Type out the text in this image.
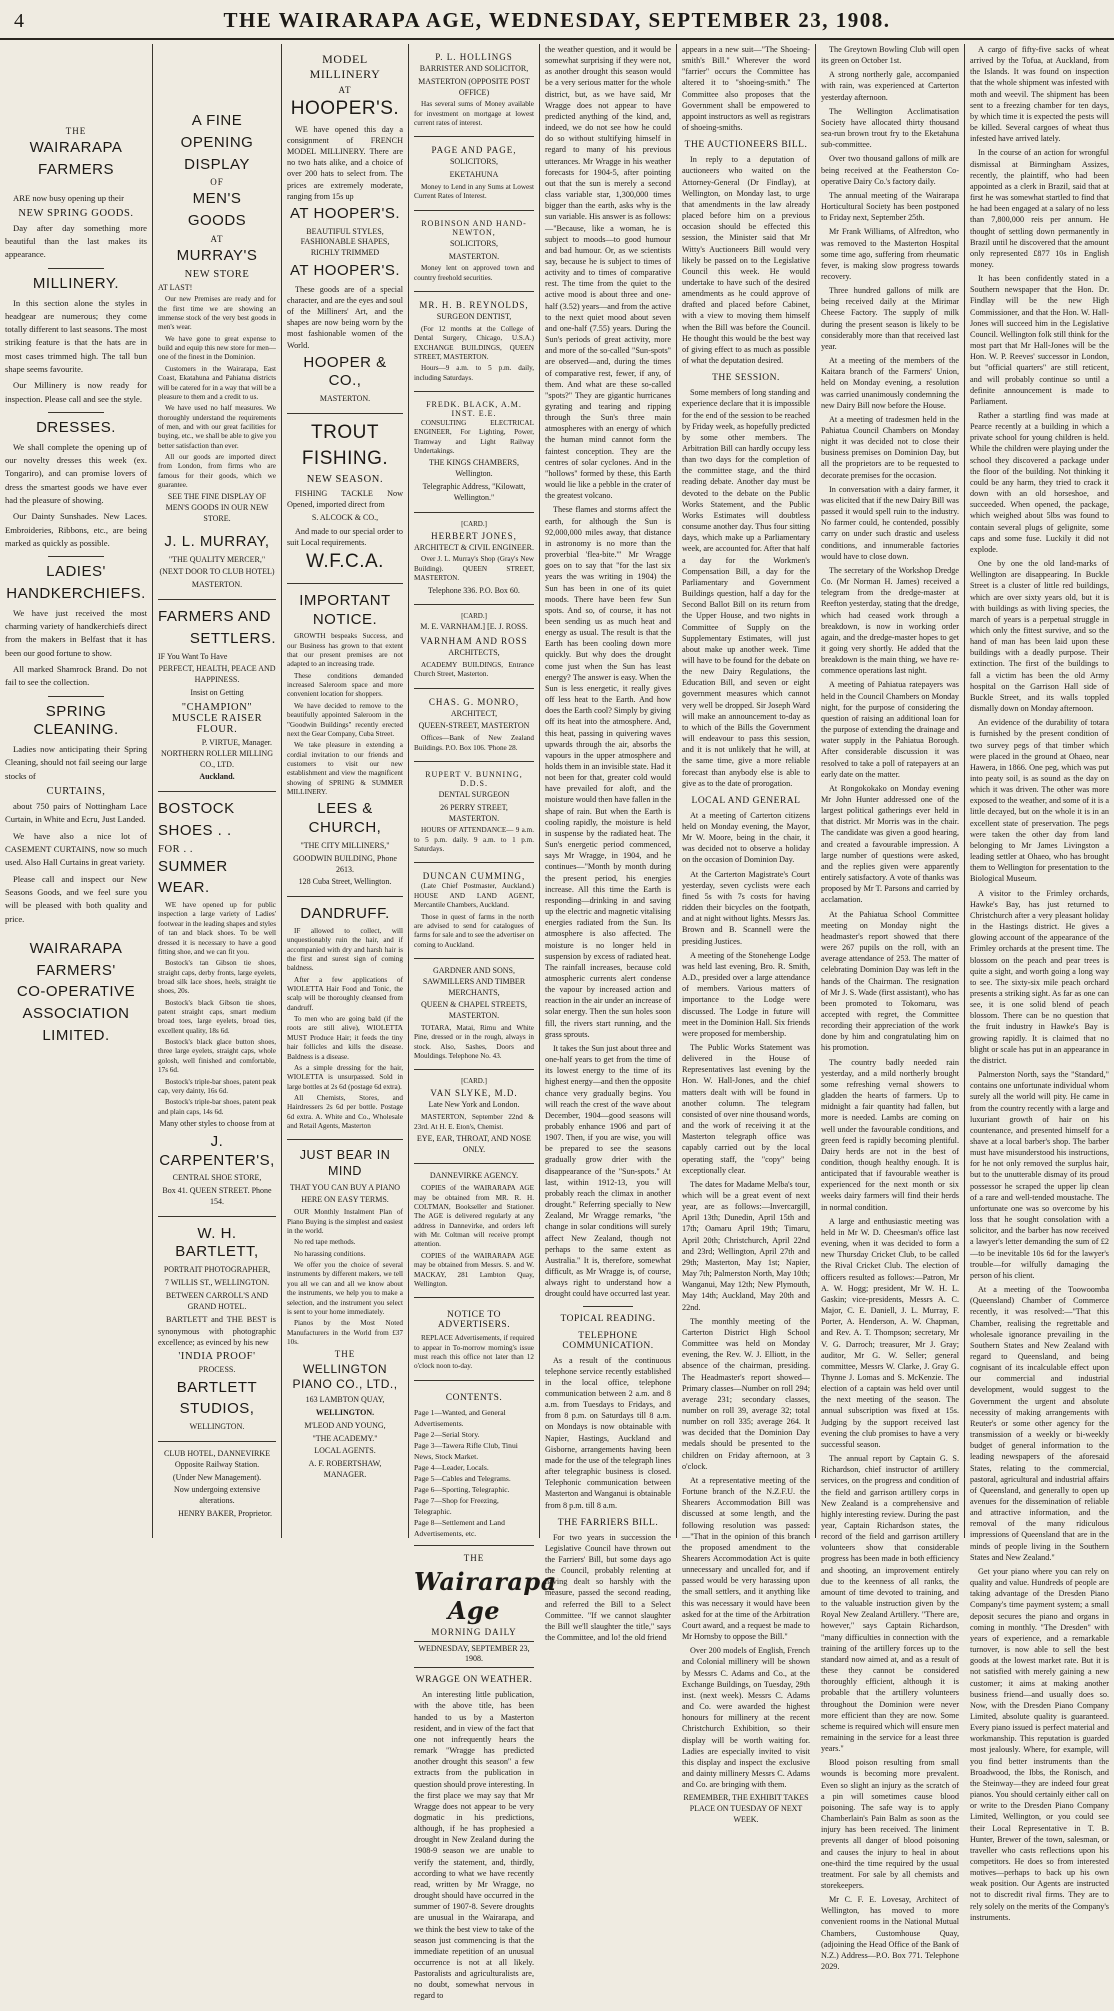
4	THE WAIRARAPA AGE, WEDNESDAY, SEPTEMBER 23, 1908.
THE
WAIRARAPA
FARMERS

ARE now busy opening up their

NEW SPRING GOODS.

Day after day something more beautiful than the last makes its appearance.

MILLINERY.

In this section alone the styles in headgear are numerous; they come totally different to last seasons. The most striking feature is that the hats are in most cases trimmed high. The tall bun shape seems favourite.

Our Millinery is now ready for inspection. Please call and see the style.

DRESSES.

We shall complete the opening up of our novelty dresses this week (ex. Tongariro), and can promise lovers of dress the smartest goods we have ever had the pleasure of showing.

Our Dainty Sunshades. New Laces. Embroideries, Ribbons, etc., are being marked as quickly as possible.

LADIES'
HANDKERCHIEFS.

We have just received the most charming variety of handkerchiefs direct from the makers in Belfast that it has been our good fortune to show.

All marked Shamrock Brand. Do not fail to see the collection.

SPRING CLEANING.

Ladies now anticipating their Spring Cleaning, should not fail seeing our large stocks of

CURTAINS,

about 750 pairs of Nottingham Lace Curtain, in White and Ecru, Just Landed.

We have also a nice lot of CASEMENT CURTAINS, now so much used. Also Hall Curtains in great variety.

Please call and inspect our New Seasons Goods, and we feel sure you will be pleased with both quality and price.

WAIRARAPA
FARMERS'
CO-OPERATIVE
ASSOCIATION
LIMITED.
A FINE
OPENING
DISPLAY
OF
MEN'S
GOODS
AT
MURRAY'S
NEW STORE
AT LAST!

Our new Premises are ready and for the first time we are showing an immense stock of the very best goods in men's wear.

We have gone to great expense to build and equip this new store for men—one of the finest in the Dominion.

Customers in the Wairarapa, East Coast, Ekatahuna and Pahiatua districts will be catered for in a way that will be a pleasure to them and a credit to us.

We have used no half measures. We thoroughly understand the requirements of men, and with our great facilities for buying, etc., we shall be able to give you better satisfaction than ever.

All our goods are imported direct from London, from firms who are famous for their goods, which we guarantee.

SEE THE FINE DISPLAY OF MEN'S GOODS IN OUR NEW STORE.
J. L. MURRAY,
"THE QUALITY MERCER,"
(NEXT DOOR TO CLUB HOTEL)
MASTERTON.
FARMERS AND
SETTLERS.
IF You Want To Have
PERFECT, HEALTH, PEACE AND HAPPINESS.
Insist on Getting
"CHAMPION" MUSCLE RAISER FLOUR.
P. VIRTUE, Manager.
NORTHERN ROLLER MILLING CO., LTD.
Auckland.
BOSTOCK
SHOES . .
FOR . .
SUMMER
WEAR.

WE have opened up for public inspection a large variety of Ladies' footwear in the leading shapes and styles of tan and black shoes. To be well dressed it is necessary to have a good fitting shoe, and we can fit you.

Bostock's tan Gibson tie shoes, straight caps, derby fronts, large eyelets, broad silk lace shoes, heels, straight tie shoes, 20s.

Bostock's black Gibson tie shoes, patent straight caps, smart medium broad toes, large eyelets, broad ties, excellent quality, 18s 6d.

Bostock's black glace button shoes, three large eyelets, straight caps, whole golosh, well finished and comfortable, 17s 6d.

Bostock's triple-bar shoes, patent peak cap, very dainty, 16s 6d.

Bostock's triple-bar shoes, patent peak and plain caps, 14s 6d.

Many other styles to choose from at
J. CARPENTER'S,
CENTRAL SHOE STORE,
Box 41. QUEEN STREET. Phone 154.
W. H. BARTLETT,
PORTRAIT PHOTOGRAPHER,
7 WILLIS ST., WELLINGTON.
BETWEEN CARROLL'S AND GRAND HOTEL.

BARTLETT and THE BEST is synonymous with photographic excellence; as evinced by his new

'INDIA PROOF'
PROCESS.
BARTLETT
STUDIOS,
WELLINGTON.
CLUB HOTEL, DANNEVIRKE Opposite Railway Station.
(Under New Management).
Now undergoing extensive alterations.
HENRY BAKER, Proprietor.
MODEL MILLINERY
AT
HOOPER'S.

WE have opened this day a consignment of FRENCH MODEL MILLINERY. There are no two hats alike, and a choice of over 200 hats to select from. The prices are extremely moderate, ranging from 15s up

AT HOOPER'S.
BEAUTIFUL STYLES, FASHIONABLE SHAPES, RICHLY TRIMMED
AT HOOPER'S.

These goods are of a special character, and are the eyes and soul of the Milliners' Art, and the shapes are now being worn by the most fashionable women of the World.

HOOPER & CO.,
MASTERTON.
TROUT
FISHING.
NEW SEASON.

FISHING TACKLE Now Opened, imported direct from

S. ALCOCK & CO.,

And made to our special order to suit Local requirements.

W.F.C.A.
IMPORTANT NOTICE.

GROWTH bespeaks Success, and our Business has grown to that extent that our present premises are not adapted to an increasing trade.

These conditions demanded increased Saleroom space and more convenient location for shoppers.

We have decided to remove to the beautifully appointed Saleroom in the "Goodwin Buildings" recently erected next the Gear Company, Cuba Street.

We take pleasure in extending a cordial invitation to our friends and customers to visit our new establishment and view the magnificent showing of SPRING & SUMMER MILLINERY.

LEES & CHURCH,
"THE CITY MILLINERS,"
GOODWIN BUILDING, Phone 2613.
128 Cuba Street, Wellington.
DANDRUFF.

IF allowed to collect, will unquestionably ruin the hair, and if accompanied with dry and harsh hair is the first and surest sign of coming baldness.

After a few applications of WIOLETTA Hair Food and Tonic, the scalp will be thoroughly cleansed from dandruff.

To men who are going bald (if the roots are still alive), WIOLETTA MUST Produce Hair; it feeds the tiny hair follicles and kills the disease. Baldness is a disease.

As a simple dressing for the hair, WIOLETTA is unsurpassed. Sold in large bottles at 2s 6d (postage 6d extra).

All Chemists, Stores, and Hairdressers 2s 6d per bottle. Postage 6d extra. A. White and Co., Wholesale and Retail Agents, Masterton

JUST BEAR IN MIND
THAT YOU CAN BUY A PIANO
HERE ON EASY TERMS.

OUR Monthly Instalment Plan of Piano Buying is the simplest and easiest in the world.

No red tape methods.

No harassing conditions.

We offer you the choice of several instruments by different makers, we tell you all we can and all we know about the instruments, we help you to make a selection, and the instrument you select is sent to your home immediately.

Pianos by the Most Noted Manufacturers in the World from £37 10s.

THE
WELLINGTON PIANO CO., LTD.,
163 LAMBTON QUAY,
WELLINGTON.
M'LEOD AND YOUNG,
"THE ACADEMY."
LOCAL AGENTS.
A. F. ROBERTSHAW, MANAGER.
P. L. HOLLINGS
BARRISTER AND SOLICITOR,
MASTERTON (OPPOSITE POST OFFICE)

Has several sums of Money available for investment on mortgage at lowest current rates of interest.

PAGE AND PAGE,
SOLICITORS,
EKETAHUNA

Money to Lend in any Sums at Lowest Current Rates of Interest.

ROBINSON AND HAND-NEWTON,
SOLICITORS,
MASTERTON.

Money lent on approved town and country freehold securities.

MR. H. B. REYNOLDS,
SURGEON DENTIST,

(For 12 months at the College of Dental Surgery, Chicago, U.S.A.) EXCHANGE BUILDINGS, QUEEN STREET, MASTERTON.

Hours—9 a.m. to 5 p.m. daily, including Saturdays.

FREDK. BLACK, A.M. INST. E.E.

CONSULTING ELECTRICAL ENGINEER, For Lighting, Power, Tramway and Light Railway Undertakings.

THE KINGS CHAMBERS, Wellington.
Telegraphic Address, "Kilowatt, Wellington."
[CARD.]
HERBERT JONES,
ARCHITECT & CIVIL ENGINEER.

Over J. L. Murray's Shop (Gray's New Building). QUEEN STREET, MASTERTON.

Telephone 336. P.O. Box 60.
[CARD.]
M. E. VARNHAM.] [E. J. ROSS.
VARNHAM AND ROSS
ARCHITECTS,

ACADEMY BUILDINGS, Entrance Church Street, Masterton.

CHAS. G. MONRO,
ARCHITECT,
QUEEN-STREET, MASTERTON

Offices—Bank of New Zealand Buildings. P.O. Box 106. 'Phone 28.

RUPERT V. BUNNING, D.D.S.
DENTAL SURGEON
26 PERRY STREET, MASTERTON.

HOURS OF ATTENDANCE— 9 a.m. to 5 p.m. daily. 9 a.m. to 1 p.m. Saturdays.

DUNCAN CUMMING,

(Late Chief Postmaster, Auckland.) HOUSE AND LAND AGENT, Mercantile Chambers, Auckland.

Those in quest of farms in the north are advised to send for catalogues of farms for sale and to see the advertiser on coming to Auckland.

GARDNER AND SONS, SAWMILLERS AND TIMBER MERCHANTS,
QUEEN & CHAPEL STREETS, MASTERTON.

TOTARA, Matai, Rimu and White Pine, dressed or in the rough, always in stock. Also, Sashes, Doors and Mouldings. Telephone No. 43.

[CARD.]
VAN SLYKE, M.D.
Late New York and London.

MASTERTON, September 22nd & 23rd. At H. E. Eton's, Chemist.

EYE, EAR, THROAT, AND NOSE ONLY.
DANNEVIRKE AGENCY.

COPIES of the WAIRARAPA AGE may be obtained from MR. R. H. COLTMAN, Bookseller and Stationer. The AGE is delivered regularly at any address in Dannevirke, and orders left with Mr. Coltman will receive prompt attention.

COPIES of the WAIRARAPA AGE may be obtained from Messrs. S. and W. MACKAY, 281 Lambton Quay, Wellington.

NOTICE TO ADVERTISERS.

REPLACE Advertisements, if required to appear in To-morrow morning's issue must reach this office not later than 12 o'clock noon to-day.

CONTENTS.
Page 1—Wanted, and General Advertisements.
Page 2—Serial Story.
Page 3—Tawera Rifle Club, Tinui News, Stock Market.
Page 4—Leader, Locals.
Page 5—Cables and Telegrams.
Page 6—Sporting, Telegraphic.
Page 7—Shop for Freezing, Telegraphic.
Page 8—Settlement and Land Advertisements, etc.
THE
Wairarapa Age
MORNING DAILY
WEDNESDAY, SEPTEMBER 23, 1908.
WRAGGE ON WEATHER.

An interesting little publication, with the above title, has been handed to us by a Masterton resident, and in view of the fact that one not infrequently hears the remark "Wragge has predicted another drought this season" a few extracts from the publication in question should prove interesting. In the first place we may say that Mr Wragge does not appear to be very dogmatic in his predictions, although, if he has prophesied a drought in New Zealand during the 1908-9 season we are unable to verify the statement, and, thirdly, according to what we have recently read, written by Mr Wragge, no drought should have occurred in the summer of 1907-8. Severe droughts are unusual in the Wairarapa, and we think the best view to take of the season just commencing is that the immediate repetition of an unusual occurrence is not at all likely. Pastoralists and agriculturalists are, no doubt, somewhat nervous in regard to

the weather question, and it would be somewhat surprising if they were not, as another drought this season would be a very serious matter for the whole district, but, as we have said, Mr Wragge does not appear to have predicted anything of the kind, and, indeed, we do not see how he could do so without stultifying himself in regard to many of his previous utterances. Mr Wragge in his weather forecasts for 1904-5, after pointing out that the sun is merely a second class variable star, 1,300,000 times bigger than the earth, asks why is the sun variable. His answer is as follows:—"Because, like a woman, he is subject to moods—to good humour and bad humour. Or, as we scientists say, because he is subject to times of activity and to times of comparative rest. The time from the quiet to the active mood is about three and one-half (3.52) years—and from the active to the next quiet mood about seven and one-half (7.55) years. During the Sun's periods of great activity, more and more of the so-called "Sun-spots" are observed—and, during the times of comparative rest, fewer, if any, of them. And what are these so-called "spots?" They are gigantic hurricanes gyrating and tearing and ripping through the Sun's three main atmospheres with an energy of which the human mind cannot form the faintest conception. They are the centres of solar cyclones. And in the "hollows" formed by these, this Earth would lie like a pebble in the crater of the greatest volcano.

These flames and storms affect the earth, for although the Sun is 92,000,000 miles away, that distance in astronomy is no more than the proverbial 'flea-bite.'" Mr Wragge goes on to say that "for the last six years the was writing in 1904) the Sun has been in one of its quiet moods. There have been few Sun spots. And so, of course, it has not been sending us as much heat and energy as usual. The result is that the Earth has been cooling down more quickly. But why does the drought come just when the Sun has least energy? The answer is easy. When the Sun is less energetic, it really gives off less heat to the Earth. And how does the Earth cool? Simply by giving off its heat into the atmosphere. And, this heat, passing in quivering waves upwards through the air, absorbs the vapours in the upper atmosphere and holds them in an invisible state. Had it not been for that, greater cold would have prevailed for aloft, and the moisture would then have fallen in the shape of rain. But when the Earth is cooling rapidly, the moisture is held in suspense by the radiated heat. The Sun's energetic period commenced, says Mr Wragge, in 1904, and he continues—"Month by month during the present period, his energies increase. All this time the Earth is responding—drinking in and saving up the electric and magnetic vitalising energies radiated from the Sun. Its atmosphere is also affected. The moisture is no longer held in suspension by excess of radiated heat. The rainfall increases, because cold atmospheric currents alert condense the vapour by increased action and reaction in the air under an increase of solar energy. Then the sun holes soon fill, the rivers start running, and the grass sprouts.

It takes the Sun just about three and one-half years to get from the time of its lowest energy to the time of its highest energy—and then the opposite chance very gradually begins. You will reach the crest of the wave about December, 1904—good seasons will probably enhance 1906 and part of 1907. Then, if you are wise, you will be prepared to see the seasons gradually grow drier with the disappearance of the "Sun-spots." At last, within 1912-13, you will probably reach the climax in another drought." Referring specially to New Zealand, Mr Wragge remarks, "the change in solar conditions will surely affect New Zealand, though not perhaps to the same extent as Australia." It is, therefore, somewhat difficult, as Mr Wragge is, of course, always right to understand how a drought could have occurred last year.

TOPICAL READING.
TELEPHONE COMMUNICATION.

As a result of the continuous telephone service recently established in the local office, telephone communication between 2 a.m. and 8 a.m. from Tuesdays to Fridays, and from 8 p.m. on Saturdays till 8 a.m. on Mondays is now obtainable with Napier, Hastings, Auckland and Gisborne, arrangements having been made for the use of the telegraph lines after telegraphic business is closed. Telephonic communication between Masterton and Wanganui is obtainable from 8 p.m. till 8 a.m.

THE FARRIERS BILL.

For two years in succession the Legislative Council have thrown out the Farriers' Bill, but some days ago the Council, probably relenting at having dealt so harshly with the measure, passed the second reading, and referred the Bill to a Select Committee. "If we cannot slaughter the Bill we'll slaughter the title," says the Committee, and lo! the old friend

appears in a new suit—"The Shoeing-smith's Bill." Wherever the word "farrier" occurs the Committee has altered it to "shoeing-smith." The Committee also proposes that the Government shall be empowered to appoint instructors as well as registrars of shoeing-smiths.

THE AUCTIONEERS BILL.

In reply to a deputation of auctioneers who waited on the Attorney-General (Dr Findlay), at Wellington, on Monday last, to urge that amendments in the law already placed before him on a previous occasion should be effected this session, the Minister said that Mr Witty's Auctioneers Bill would very likely be passed on to the Legislative Council this week. He would undertake to have such of the desired amendments as he could approve of drafted and placed before Cabinet, with a view to moving them himself when the Bill was before the Council. He thought this would be the best way of giving effect to as much as possible of what the deputation desired.

THE SESSION.

Some members of long standing and experience declare that it is impossible for the end of the session to be reached by Friday week, as hopefully predicted by some other members. The Arbitration Bill can hardly occupy less than two days for the completion of the committee stage, and the third reading debate. Another day must be devoted to the debate on the Public Works Statement, and the Public Works Estimates will doubtless consume another day. Thus four sitting days, which make up a Parliamentary week, are accounted for. After that half a day for the Workmen's Compensation Bill, a day for the Parliamentary and Government Buildings question, half a day for the Second Ballot Bill on its return from the Upper House, and two nights in Committee of Supply on the Supplementary Estimates, will just about make up another week. Time will have to be found for the debate on the new Dairy Regulations, the Education Bill, and seven or eight government measures which cannot very well be dropped. Sir Joseph Ward will make an announcement to-day as to which of the Bills the Government will endeavour to pass this session, and it is not unlikely that he will, at the same time, give a more reliable forecast than anybody else is able to give as to the date of prorogation.

LOCAL AND GENERAL

At a meeting of Carterton citizens held on Monday evening, the Mayor, Mr W. Moore, being in the chair, it was decided not to observe a holiday on the occasion of Dominion Day.

At the Carterton Magistrate's Court yesterday, seven cyclists were each fined 5s with 7s costs for having ridden their bicycles on the footpath, and at night without lights. Messrs Jas. Brown and B. Scannell were the presiding Justices.

A meeting of the Stonehenge Lodge was held last evening, Bro. R. Smith, A.D., presided over a large attendance of members. Various matters of importance to the Lodge were discussed. The Lodge in future will meet in the Dominion Hall. Six friends were proposed for membership.

The Public Works Statement was delivered in the House of Representatives last evening by the Hon. W. Hall-Jones, and the chief matters dealt with will be found in another column. The telegram consisted of over nine thousand words, and the work of receiving it at the Masterton telegraph office was capably carried out by the local operating staff, the "copy" being exceptionally clear.

The dates for Madame Melba's tour, which will be a great event of next year, are as follows:—Invercargill, April 13th; Dunedin, April 15th and 17th; Oamaru April 19th; Timaru, April 20th; Christchurch, April 22nd and 23rd; Wellington, April 27th and 29th; Masterton, May 1st; Napier, May 7th; Palmerston North, May 10th; Wanganui, May 12th; New Plymouth, May 14th; Auckland, May 20th and 22nd.

The monthly meeting of the Carterton District High School Committee was held on Monday evening, the Rev. W. J. Elliott, in the absence of the chairman, presiding. The Headmaster's report showed—Primary classes—Number on roll 294; average 231; secondary classes, number on roll 39, average 32; total number on roll 335; average 264. It was decided that the Dominion Day medals should be presented to the children on Friday afternoon, at 3 o'clock.

At a representative meeting of the Fortune branch of the N.Z.F.U. the Shearers Accommodation Bill was discussed at some length, and the following resolution was passed:—"That in the opinion of this branch the proposed amendment to the Shearers Accommodation Act is quite unnecessary and uncalled for, and if passed would be very harassing upon the small settlers, and it anything like this was necessary it would have been asked for at the time of the Arbitration Court award, and a request be made to Mr Hornsby to oppose the Bill."

Over 200 models of English, French and Colonial millinery will be shown by Messrs C. Adams and Co., at the Exchange Buildings, on Tuesday, 29th inst. (next week). Messrs C. Adams and Co. were awarded the highest honours for millinery at the recent Christchurch Exhibition, so their display will be worth waiting for. Ladies are especially invited to visit this display and inspect the exclusive and dainty millinery Messrs C. Adams and Co. are bringing with them.

REMEMBER, THE EXHIBIT TAKES PLACE ON TUESDAY OF NEXT WEEK.

The Greytown Bowling Club will open its green on October 1st.

A strong northerly gale, accompanied with rain, was experienced at Carterton yesterday afternoon.

The Wellington Acclimatisation Society have allocated thirty thousand sea-run brown trout fry to the Eketahuna sub-committee.

Over two thousand gallons of milk are being received at the Featherston Co-operative Dairy Co.'s factory daily.

The annual meeting of the Wairarapa Horticultural Society has been postponed to Friday next, September 25th.

Mr Frank Williams, of Alfredton, who was removed to the Masterton Hospital some time ago, suffering from rheumatic fever, is making slow progress towards recovery.

Three hundred gallons of milk are being received daily at the Mirimar Cheese Factory. The supply of milk during the present season is likely to be considerably more than that received last year.

At a meeting of the members of the Kaitara branch of the Farmers' Union, held on Monday evening, a resolution was carried unanimously condemning the new Dairy Bill now before the House.

At a meeting of tradesmen held in the Pahiatua Council Chambers on Monday night it was decided not to close their business premises on Dominion Day, but all the proprietors are to be requested to decorate premises for the occasion.

In conversation with a dairy farmer, it was elicited that if the new Dairy Bill was passed it would spell ruin to the industry. No farmer could, he contended, possibly carry on under such drastic and useless conditions, and innumerable factories would have to close down.

The secretary of the Workshop Dredge Co. (Mr Norman H. James) received a telegram from the dredge-master at Reefton yesterday, stating that the dredge, which had ceased work through a breakdown, is now in working order again, and the dredge-master hopes to get it going very shortly. He added that the breakdown is the main thing, we have re-commence operations last night.

A meeting of Pahiatua ratepayers was held in the Council Chambers on Monday night, for the purpose of considering the question of raising an additional loan for the purpose of extending the drainage and water supply in the Pahiatua Borough. After considerable discussion it was resolved to take a poll of ratepayers at an early date on the matter.

At Rongokokako on Monday evening Mr John Hunter addressed one of the largest political gatherings ever held in that district. Mr Morris was in the chair. The candidate was given a good hearing, and created a favourable impression. A large number of questions were asked, and the replies given were apparently entirely satisfactory. A vote of thanks was proposed by Mr T. Parsons and carried by acclamation.

At the Pahiatua School Committee meeting on Monday night the headmaster's report showed that there were 267 pupils on the roll, with an average attendance of 253. The matter of celebrating Dominion Day was left in the hands of the Chairman. The resignation of Mr J. S. Wade (first assistant), who has been promoted to Tokomaru, was accepted with regret, the Committee recording their appreciation of the work done by him and congratulating him on his promotion.

The country badly needed rain yesterday, and a mild northerly brought some refreshing vernal showers to gladden the hearts of farmers. Up to midnight a fair quantity had fallen, but more is needed. Lambs are coming on well under the favourable conditions, and green feed is rapidly becoming plentiful. Dairy herds are not in the best of condition, though healthy enough. It is anticipated that if favourable weather is experienced for the next month or six weeks dairy farmers will find their herds in normal condition.

A large and enthusiastic meeting was held in Mr W. D. Cheesman's office last evening, when it was decided to form a new Thursday Cricket Club, to be called the Rival Cricket Club. The election of officers resulted as follows:—Patron, Mr A. W. Hogg; president, Mr W. H. L. Gaskin; vice-presidents, Messrs A. C. Major, C. E. Daniell, J. L. Murray, F. Porter, A. Henderson, A. W. Chapman, and Rev. A. T. Thompson; secretary, Mr V. G. Darroch; treasurer, Mr J. Gray; auditor, Mr G. W. Seller; general committee, Messrs W. Clarke, J. Gray G. Thynne J. Lomas and S. McKenzie. The election of a captain was held over until the next meeting of the season. The annual subscription was fixed at 15s. Judging by the support received last evening the club promises to have a very successful season.

The annual report by Captain G. S. Richardson, chief instructor of artillery services, on the progress and condition of the field and garrison artillery corps in New Zealand is a comprehensive and highly interesting review. During the past year, Captain Richardson states, the record of the field and garrison artillery volunteers show that considerable progress has been made in both efficiency and shooting, an improvement entirely due to the keenness of all ranks, the amount of time devoted to training, and to the valuable instruction given by the Royal New Zealand Artillery. "There are, however," says Captain Richardson, "many difficulties in connection with the training of the artillery forces up to the standard now aimed at, and as a result of these they cannot be considered thoroughly efficient, although it is probable that the artillery volunteers throughout the Dominion were never more efficient than they are now. Some scheme is required which will ensure men remaining in the service for a least three years."

Blood poison resulting from small wounds is becoming more prevalent. Even so slight an injury as the scratch of a pin will sometimes cause blood poisoning. The safe way is to apply Chamberlain's Pain Balm as soon as the injury has been received. The liniment prevents all danger of blood poisoning and causes the injury to heal in about one-third the time required by the usual treatment. For sale by all chemists and storekeepers.

Mr C. F. E. Lovesay, Architect of Wellington, has moved to more convenient rooms in the National Mutual Chambers, Customhouse Quay, (adjoining the Head Office of the Bank of N.Z.) Address—P.O. Box 771. Telephone 2029.

A cargo of fifty-five sacks of wheat arrived by the Tofua, at Auckland, from the Islands. It was found on inspection that the whole shipment was infested with moth and weevil. The shipment has been sent to a freezing chamber for ten days, by which time it is expected the pests will be killed. Several cargoes of wheat thus infested have arrived lately.

In the course of an action for wrongful dismissal at Birmingham Assizes, recently, the plaintiff, who had been appointed as a clerk in Brazil, said that at first he was somewhat startled to find that he had been engaged at a salary of no less than 7,800,000 reis per annum. He thought of settling down permanently in Brazil until he discovered that the amount only represented £877 10s in English money.

It has been confidently stated in a Southern newspaper that the Hon. Dr. Findlay will be the new High Commissioner, and that the Hon. W. Hall-Jones will succeed him in the Legislative Council. Wellington folk still think for the most part that Mr Hall-Jones will be the Hon. W. P. Reeves' successor in London, but "official quarters" are still reticent, and will probably continue so until a definite announcement is made to Parliament.

Rather a startling find was made at Pearce recently at a building in which a private school for young children is held. While the children were playing under the school they discovered a package under the floor of the building. Not thinking it could be any harm, they tried to crack it down with an old horseshoe, and succeeded. When opened, the package, which weighed about 5lbs was found to contain several plugs of gelignite, some caps and some fuse. Luckily it did not explode.

One by one the old land-marks of Wellington are disappearing. In Buckle Street is a cluster of little red buildings, which are over sixty years old, but it is with buildings as with living species, the march of years is a perpetual struggle in which only the fittest survive, and so the hand of man has been laid upon these buildings with a deadly purpose. Their extinction. The first of the buildings to fall a victim has been the old Army hospital on the Garrison Hall side of Buckle Street, and its walls toppled dismally down on Monday afternoon.

An evidence of the durability of totara is furnished by the present condition of two survey pegs of that timber which were placed in the ground at Ohaeo, near Hawera, in 1866. One peg, which was put into peaty soil, is as sound as the day on which it was driven. The other was more exposed to the weather, and some of it is a little decayed, but on the whole it is in an excellent state of preservation. The pegs were taken the other day from land belonging to Mr James Livingston a leading settler at Ohaeo, who has brought them to Wellington for presentation to the Biological Museum.

A visitor to the Frimley orchards, Hawke's Bay, has just returned to Christchurch after a very pleasant holiday in the Hastings district. He gives a glowing account of the appearance of the Frimley orchards at the present time. The blossom on the peach and pear trees is quite a sight, and worth going a long way to see. The sixty-six mile peach orchard presents a striking sight. As far as one can see, it is one solid blend of peach blossom. There can be no question that the fruit industry in Hawke's Bay is growing rapidly. It is claimed that no blight or scale has put in an appearance in the district.

Palmerston North, says the "Standard," contains one unfortunate individual whom surely all the world will pity. He came in from the country recently with a large and luxuriant growth of hair on his countenance, and presented himself for a shave at a local barber's shop. The barber must have misunderstood his instructions, for he not only removed the surplus hair, but to the unutterable dismay of its proud possessor he scraped the upper lip clean of a rare and well-tended moustache. The unfortunate one was so overcome by his loss that he sought consolation with a solicitor, and the barber has now received a lawyer's letter demanding the sum of £2—to be inevitable 10s 6d for the lawyer's trouble—for wilfully damaging the person of his client.

At a meeting of the Toowoomba (Queensland) Chamber of Commerce recently, it was resolved:—"That this Chamber, realising the regrettable and wholesale ignorance prevailing in the Southern States and New Zealand with regard to Queensland, and being cognisant of its incalculable effect upon our commercial and industrial development, would suggest to the Government the urgent and absolute necessity of making arrangements with Reuter's or some other agency for the transmission of a weekly or bi-weekly budget of general information to the leading newspapers of the aforesaid States, relating to the commercial, pastoral, agricultural and industrial affairs of Queensland, and generally to open up avenues for the dissemination of reliable and attractive information, and the removal of the many ridiculous impressions of Queensland that are in the minds of people living in the Southern States and New Zealand."

Get your piano where you can rely on quality and value. Hundreds of people are taking advantage of the Dresden Piano Company's time payment system; a small deposit secures the piano and organs in coming in monthly. "The Dresden" with years of experience, and a remarkable turnover, is now able to sell the best goods at the lowest market rate. But it is not satisfied with merely gaining a new customer; it aims at making another business friend—and usually does so. Now, with the Dresden Piano Company Limited, absolute quality is guaranteed. Every piano issued is perfect material and workmanship. This reputation is guarded most jealously. Where, for example, will you find better instruments than the Broadwood, the Ibbs, the Ronisch, and the Steinway—they are indeed four great pianos. You should certainly either call on or write to the Dresden Piano Company Limited, Wellington, or you could see their Local Representative in T. B. Hunter, Brewer of the town, salesman, or traveller who casts reflections upon his competitors. He does so from interested motives—perhaps to back up his own weak position. Our Agents are instructed not to discredit rival firms. They are to rely solely on the merits of the Company's instruments.
